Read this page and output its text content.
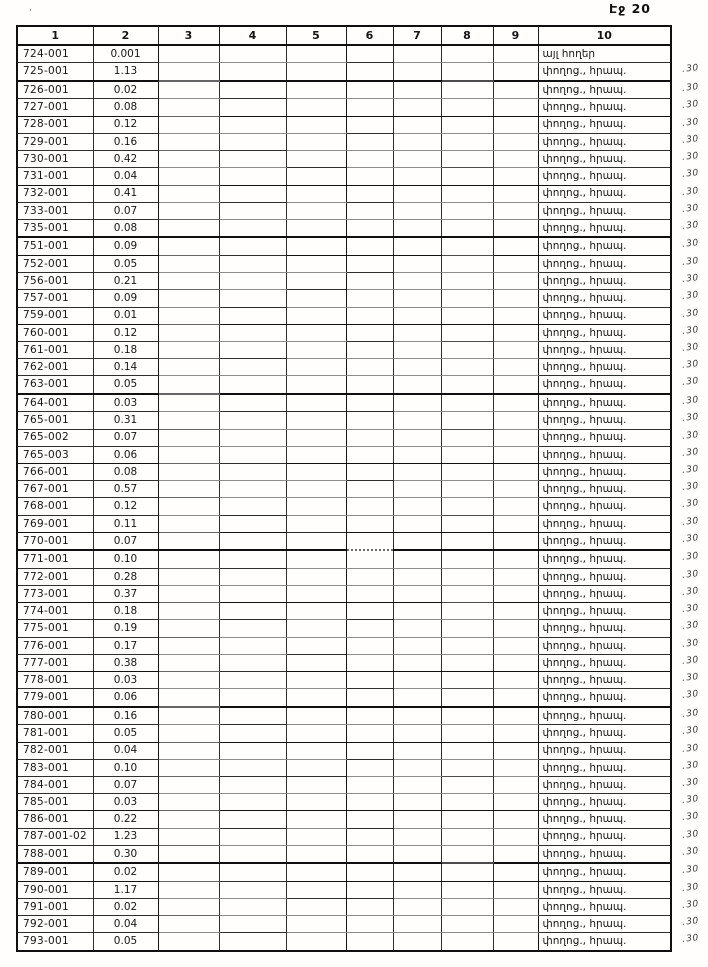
·	Էջ 20
1	2	3	4	5	6	7	8	9	10
724-001	0.001								այլ հողեր
725-001	1.13								փողոց., հրապ. . 30

726-001	0.02								փողոց., հրապ. . 30

727-001	0.08								փողոց., հրապ. . 30

728-001	0.12								փողոց., հրապ. . 30

729-001	0.16								փողոց., հրապ. . 30

730-001	0.42								փողոց., հրապ. . 30

731-001	0.04								փողոց., հրապ. . 30

732-001	0.41								փողոց., հրապ. . 30

733-001	0.07								փողոց., հրապ. . 30

735-001	0.08								փողոց., հրապ. . 30

751-001	0.09								փողոց., հրապ. . 30

752-001	0.05								փողոց., հրապ. . 30

756-001	0.21								փողոց., հրապ. . 30

757-001	0.09								փողոց., հրապ. . 30

759-001	0.01								փողոց., հրապ. . 30

760-001	0.12								փողոց., հրապ. . 30

761-001	0.18								փողոց., հրապ. . 30

762-001	0.14								փողոց., հրապ. . 30

763-001	0.05								փողոց., հրապ. . 30

764-001	0.03								փողոց., հրապ. . 30

765-001	0.31								փողոց., հրապ. . 30

765-002	0.07								փողոց., հրապ. . 30

765-003	0.06								փողոց., հրապ. . 30

766-001	0.08								փողոց., հրապ. . 30

767-001	0.57								փողոց., հրապ. . 30

768-001	0.12								փողոց., հրապ. . 30

769-001	0.11								փողոց., հրապ. . 30

770-001	0.07								փողոց., հրապ. . 30

771-001	0.10								փողոց., հրապ. . 30

772-001	0.28								փողոց., հրապ. . 30

773-001	0.37								փողոց., հրապ. . 30

774-001	0.18								փողոց., հրապ. . 30

775-001	0.19								փողոց., հրապ. . 30

776-001	0.17								փողոց., հրապ. . 30

777-001	0.38								փողոց., հրապ. . 30

778-001	0.03								փողոց., հրապ. . 30

779-001	0.06								փողոց., հրապ. . 30

780-001	0.16								փողոց., հրապ. . 30

781-001	0.05								փողոց., հրապ. . 30

782-001	0.04								փողոց., հրապ. . 30

783-001	0.10								փողոց., հրապ. . 30

784-001	0.07								փողոց., հրապ. . 30

785-001	0.03								փողոց., հրապ. . 30

786-001	0.22								փողոց., հրապ. . 30

787-001-02	1.23								փողոց., հրապ. . 30

788-001	0.30								փողոց., հրապ. . 30

789-001	0.02								փողոց., հրապ. . 30

790-001	1.17								փողոց., հրապ. . 30

791-001	0.02								փողոց., հրապ. . 30

792-001	0.04								փողոց., հրապ. . 30

793-001	0.05								փողոց., հրապ. . 30
